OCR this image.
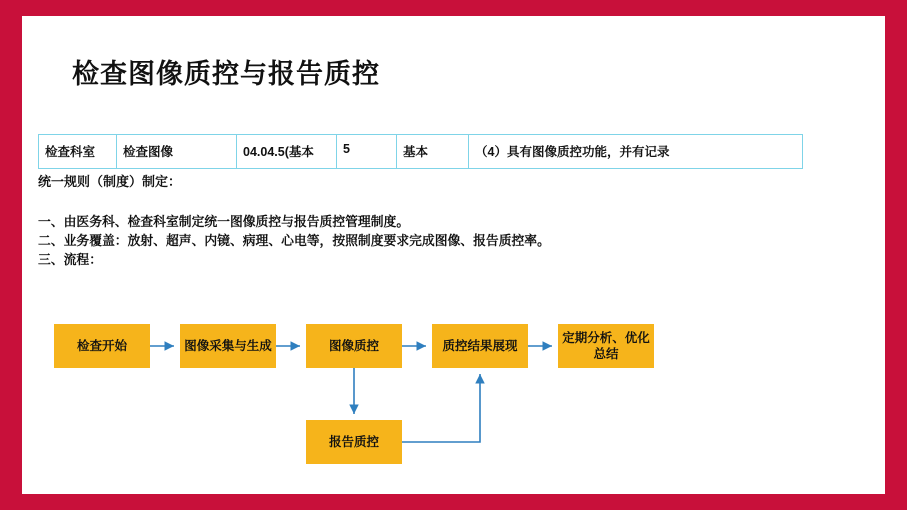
检查图像质控与报告质控
检查科室	检查图像	04.04.5(基本	5	基本	（4）具有图像质控功能，并有记录
统一规则（制度）制定：
一、由医务科、检查科室制定统一图像质控与报告质控管理制度。
二、业务覆盖：放射、超声、内镜、病理、心电等，按照制度要求完成图像、报告质控率。
三、流程：
检查开始	图像采集与生成	图像质控	质控结果展现
定期分析、优化总结
报告质控
